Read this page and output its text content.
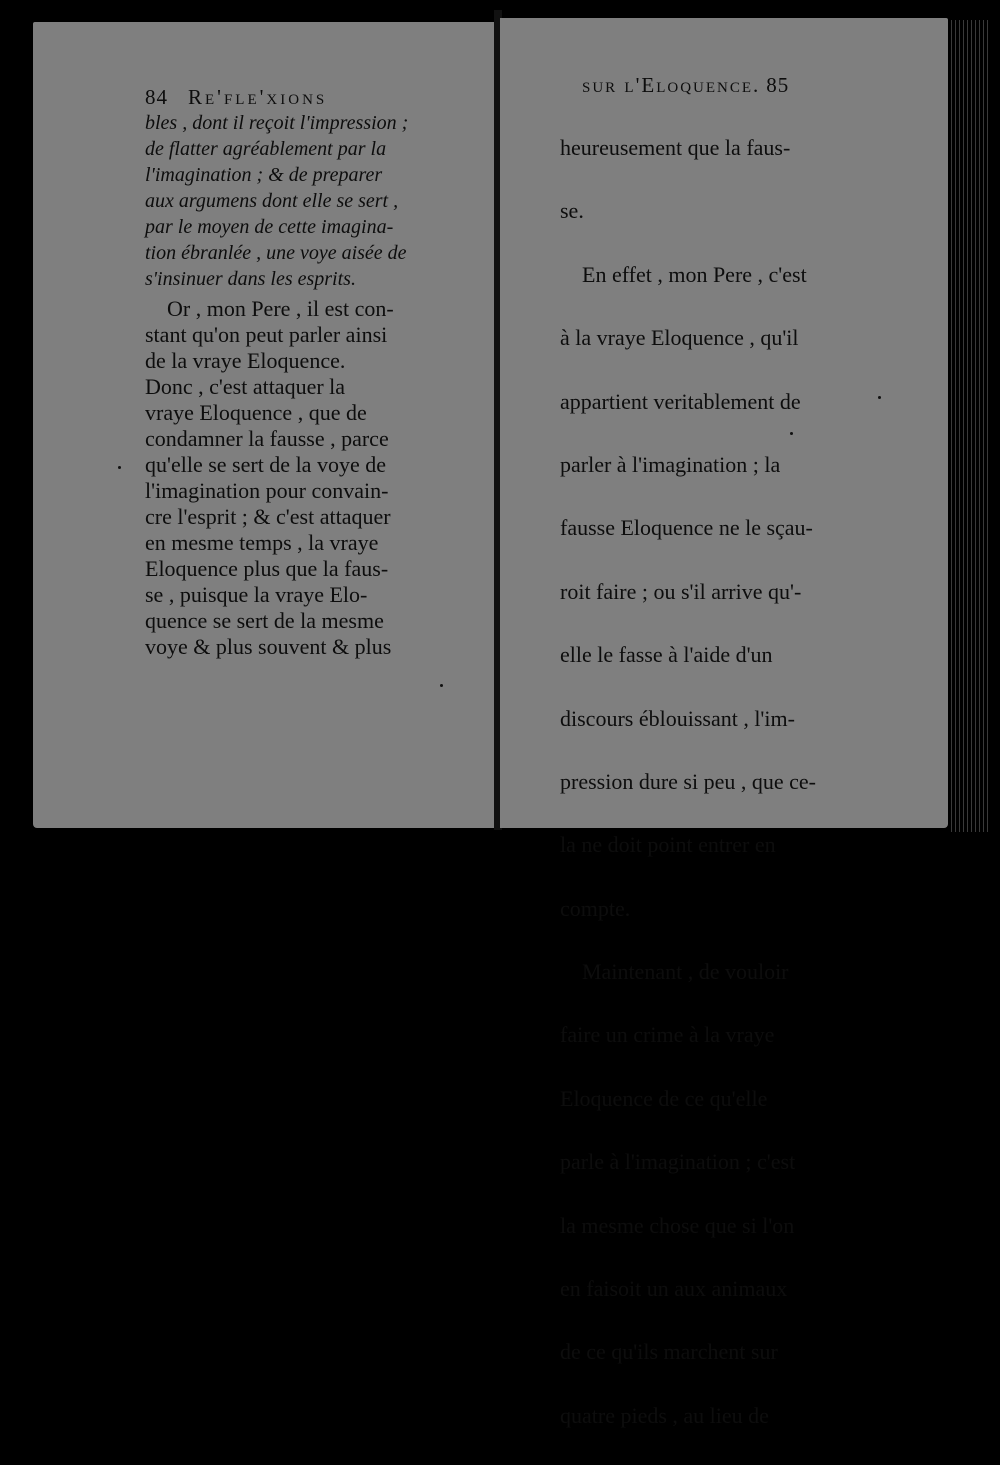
84 Re'fle'xions
bles , dont il reçoit l'impression ;
de flatter agréablement par la
l'imagination ; & de preparer
aux argumens dont elle se sert ,
par le moyen de cette imagina-
tion ébranlée , une voye aisée de
s'insinuer dans les esprits.
Or , mon Pere , il est con-
stant qu'on peut parler ainsi
de la vraye Eloquence.
Donc , c'est attaquer la
vraye Eloquence , que de
condamner la fausse , parce
qu'elle se sert de la voye de
l'imagination pour convain-
cre l'esprit ; & c'est attaquer
en mesme temps , la vraye
Eloquence plus que la faus-
se , puisque la vraye Elo-
quence se sert de la mesme
voye & plus souvent & plus
sur l'Eloquence. 85

heureusement que la faus-

se.

En effet , mon Pere , c'est

à la vraye Eloquence , qu'il

appartient veritablement de

parler à l'imagination ; la

fausse Eloquence ne le sçau-

roit faire ; ou s'il arrive qu'-

elle le fasse à l'aide d'un

discours éblouissant , l'im-

pression dure si peu , que ce-

la ne doit point entrer en

compte.

Maintenant , de vouloir

faire un crime à la vraye

Eloquence de ce qu'elle

parle à l'imagination ; c'est

la mesme chose que si l'on

en faisoit un aux animaux

de ce qu'ils marchent sur

quatre pieds , au lieu de
